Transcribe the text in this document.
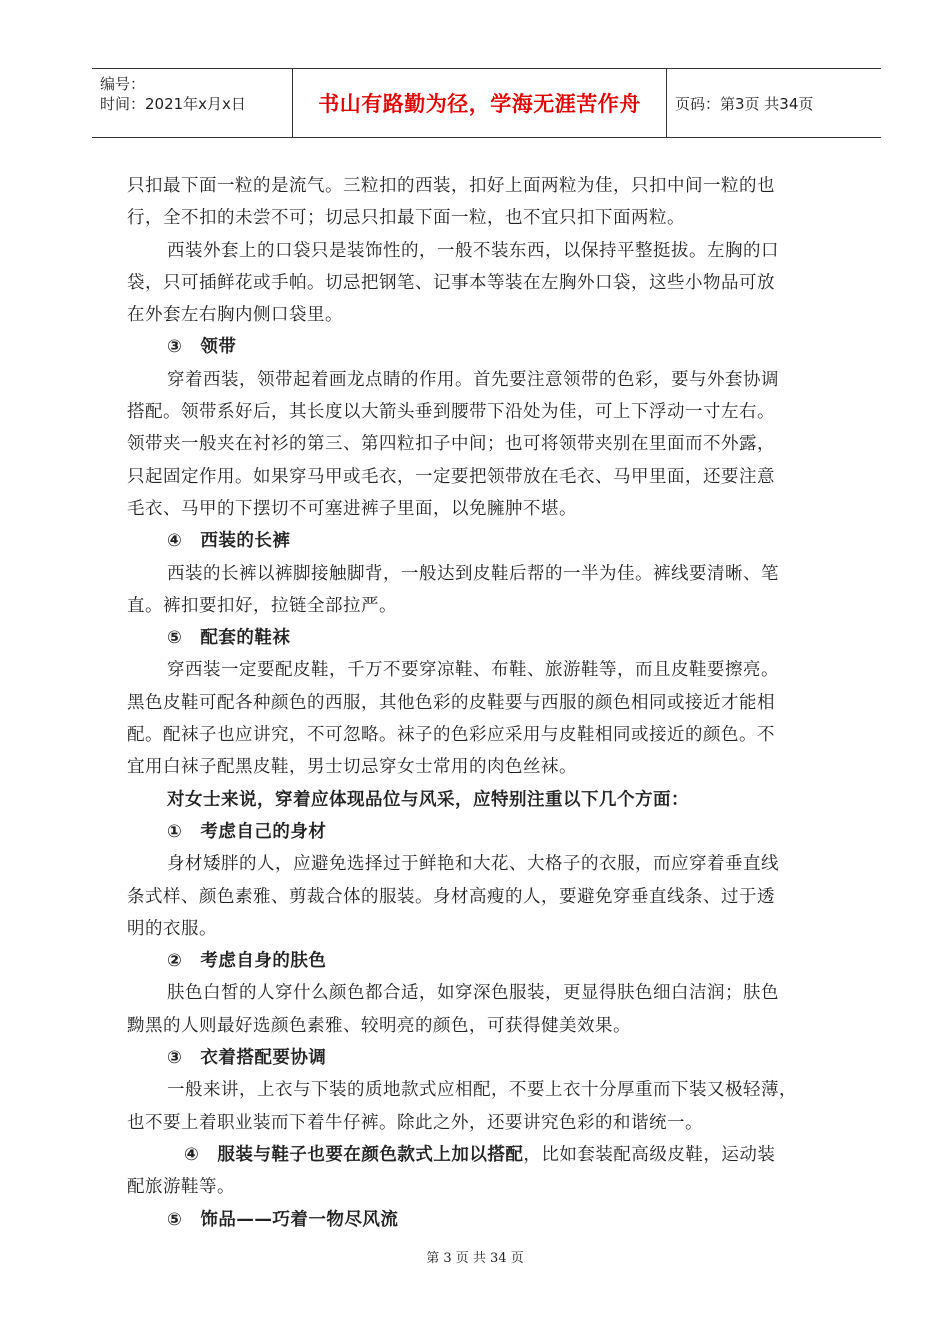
编号：
时间：2021年x月x日	书山有路勤为径，学海无涯苦作舟 页码：第3页 共34页
只扣最下面一粒的是流气。三粒扣的西装，扣好上面两粒为佳，只扣中间一粒的也
行，全不扣的未尝不可；切忌只扣最下面一粒，也不宜只扣下面两粒。
西装外套上的口袋只是装饰性的，一般不装东西，以保持平整挺拔。左胸的口
袋，只可插鲜花或手帕。切忌把钢笔、记事本等装在左胸外口袋，这些小物品可放
在外套左右胸内侧口袋里。
③　领带
穿着西装，领带起着画龙点睛的作用。首先要注意领带的色彩，要与外套协调
搭配。领带系好后，其长度以大箭头垂到腰带下沿处为佳，可上下浮动一寸左右。
领带夹一般夹在衬衫的第三、第四粒扣子中间；也可将领带夹别在里面而不外露，
只起固定作用。如果穿马甲或毛衣，一定要把领带放在毛衣、马甲里面，还要注意
毛衣、马甲的下摆切不可塞进裤子里面，以免臃肿不堪。
④　西装的长裤
西装的长裤以裤脚接触脚背，一般达到皮鞋后帮的一半为佳。裤线要清晰、笔
直。裤扣要扣好，拉链全部拉严。
⑤　配套的鞋袜
穿西装一定要配皮鞋，千万不要穿凉鞋、布鞋、旅游鞋等，而且皮鞋要擦亮。
黑色皮鞋可配各种颜色的西服，其他色彩的皮鞋要与西服的颜色相同或接近才能相
配。配袜子也应讲究，不可忽略。袜子的色彩应采用与皮鞋相同或接近的颜色。不
宜用白袜子配黑皮鞋，男士切忌穿女士常用的肉色丝袜。
对女士来说，穿着应体现品位与风采，应特别注重以下几个方面：
①　考虑自己的身材
身材矮胖的人，应避免选择过于鲜艳和大花、大格子的衣服，而应穿着垂直线
条式样、颜色素雅、剪裁合体的服装。身材高瘦的人，要避免穿垂直线条、过于透
明的衣服。
②　考虑自身的肤色
肤色白皙的人穿什么颜色都合适，如穿深色服装，更显得肤色细白洁润；肤色
黝黑的人则最好选颜色素雅、较明亮的颜色，可获得健美效果。
③　衣着搭配要协调
一般来讲，上衣与下装的质地款式应相配，不要上衣十分厚重而下装又极轻薄，
也不要上着职业装而下着牛仔裤。除此之外，还要讲究色彩的和谐统一。
④　服装与鞋子也要在颜色款式上加以搭配，比如套装配高级皮鞋，运动装
配旅游鞋等。
⑤　饰品——巧着一物尽风流
第 3 页 共 34 页
